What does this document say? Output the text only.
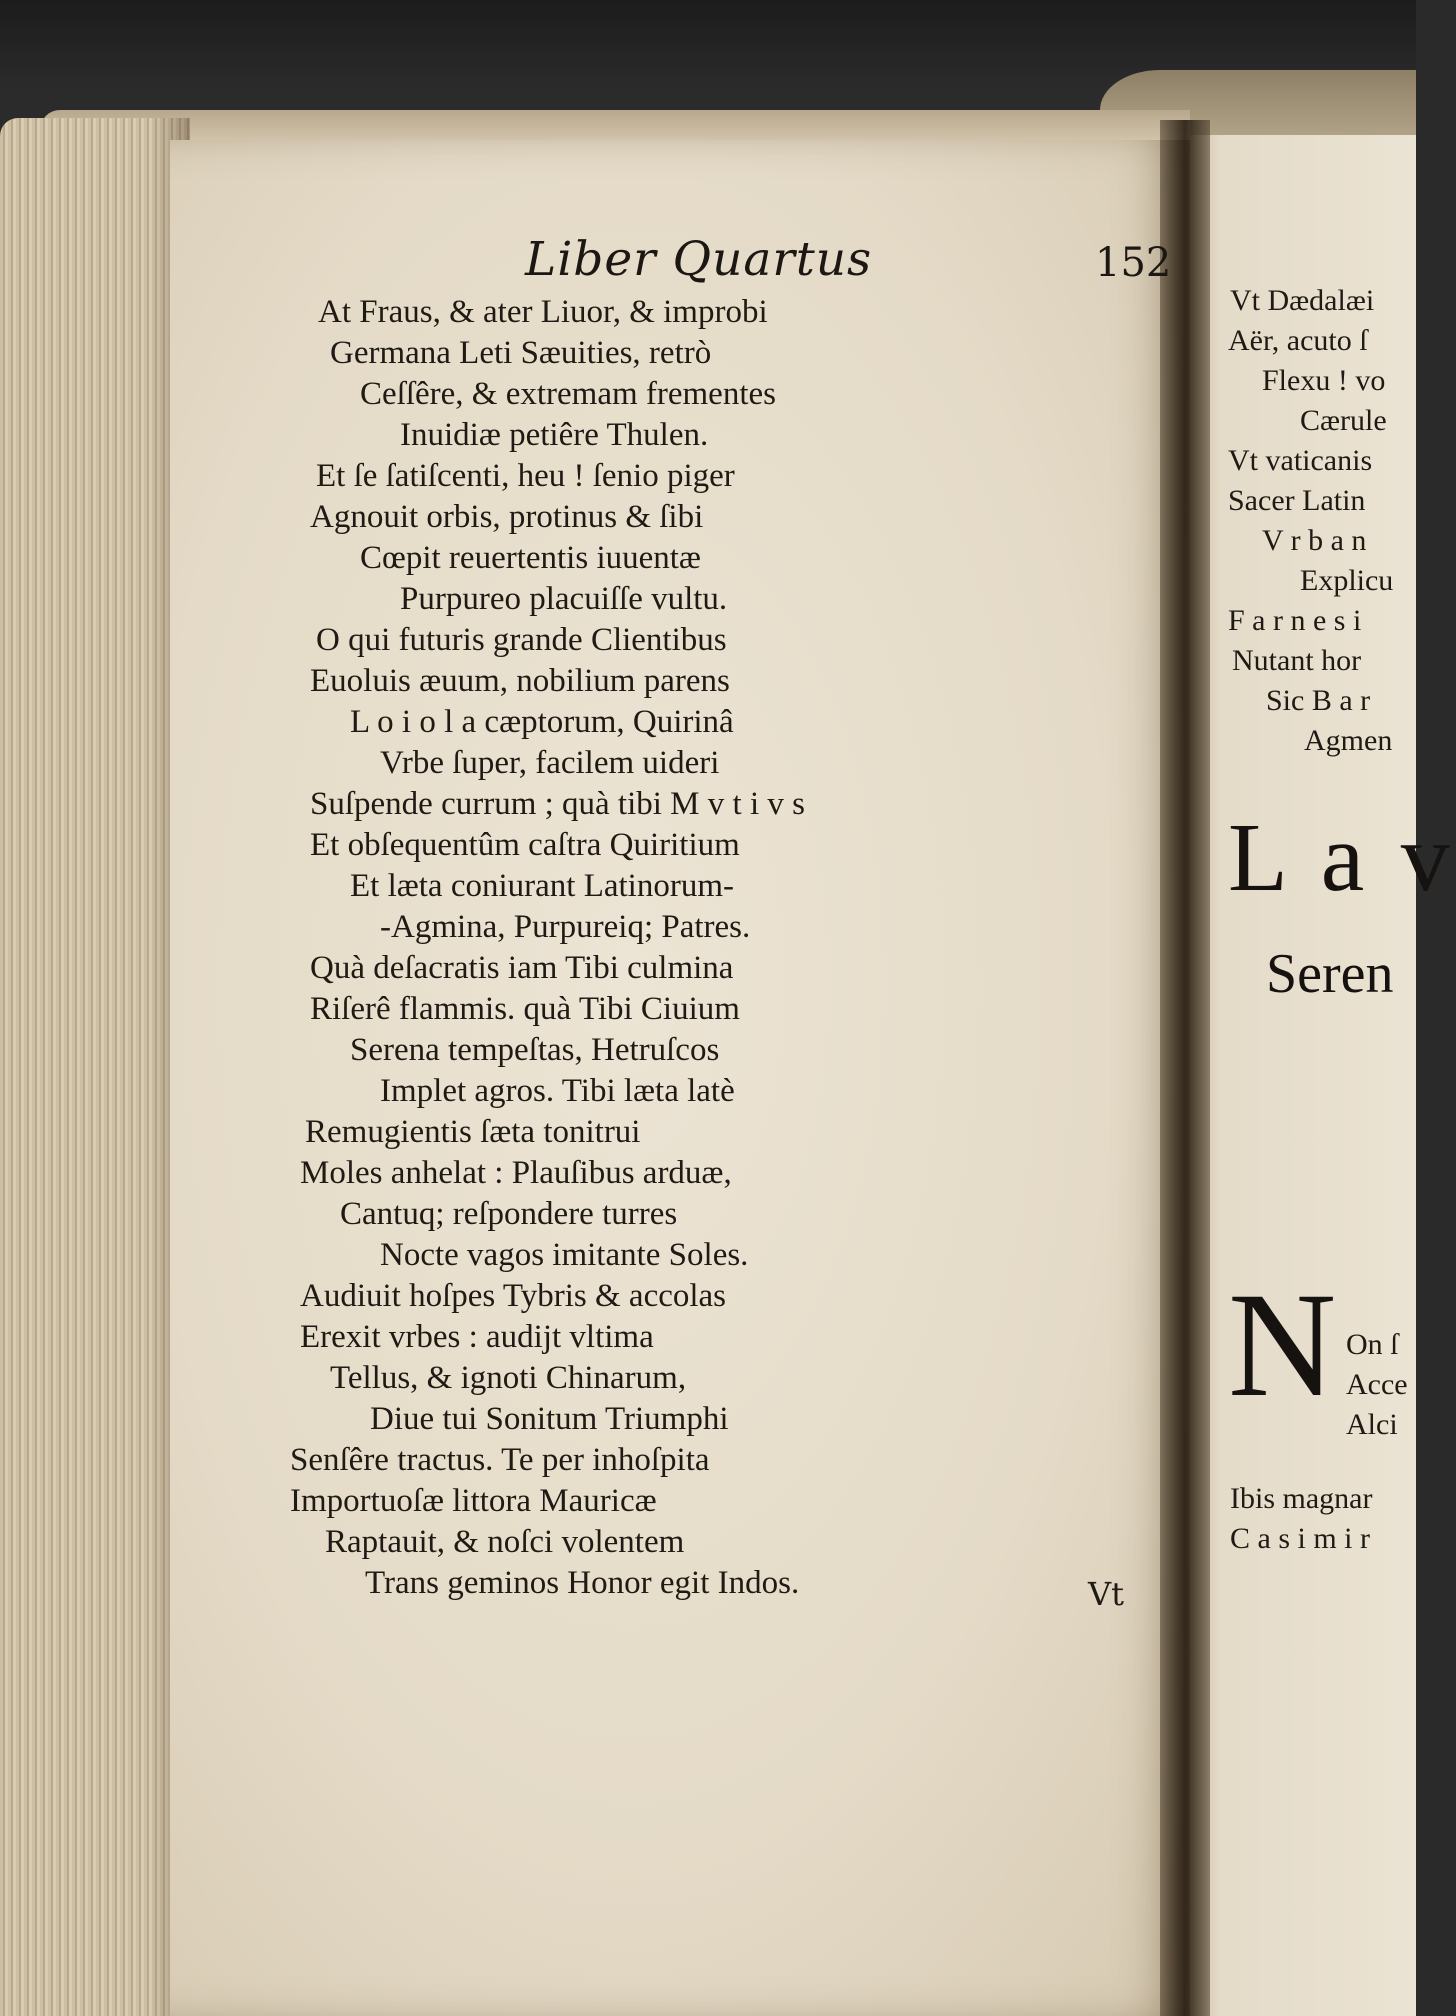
Liber Quartus	152
At Fraus, & ater Liuor, & improbi
Germana Leti Sæuities, retrò
Ceſſêre, & extremam frementes
Inuidiæ petiêre Thulen.
Et ſe ſatiſcenti, heu ! ſenio piger
Agnouit orbis, protinus & ſibi
Cœpit reuertentis iuuentæ
Purpureo placuiſſe vultu.
O qui futuris grande Clientibus
Euoluis æuum, nobilium parens
L o i o l a cæptorum, Quirinâ
Vrbe ſuper, facilem uideri
Suſpende currum ; quà tibi M v t i v s
Et obſequentûm caſtra Quiritium
Et læta coniurant Latinorum-
-Agmina, Purpureiq; Patres.
Quà deſacratis iam Tibi culmina
Riſerê flammis. quà Tibi Ciuium
Serena tempeſtas, Hetruſcos
Implet agros. Tibi læta latè
Remugientis ſæta tonitrui
Moles anhelat : Plauſibus arduæ,
Cantuq; reſpondere turres
Nocte vagos imitante Soles.
Audiuit hoſpes Tybris & accolas
Erexit vrbes : audijt vltima
Tellus, & ignoti Chinarum,
Diue tui Sonitum Triumphi
Senſêre tractus. Te per inhoſpita
Importuoſæ littora Mauricæ
Raptauit, & noſci volentem
Trans geminos Honor egit Indos.	Vt
Vt Dædalæi
Aër, acuto ſ
Flexu ! vo
Cærule
Vt vaticanis
Sacer Latin
V r b a n
Explicu
F a r n e s i
Nutant hor
Sic B a r
Agmen
L a v
Seren
N On ſ
Acce
Alci
Ibis magnar
C a s i m i r
